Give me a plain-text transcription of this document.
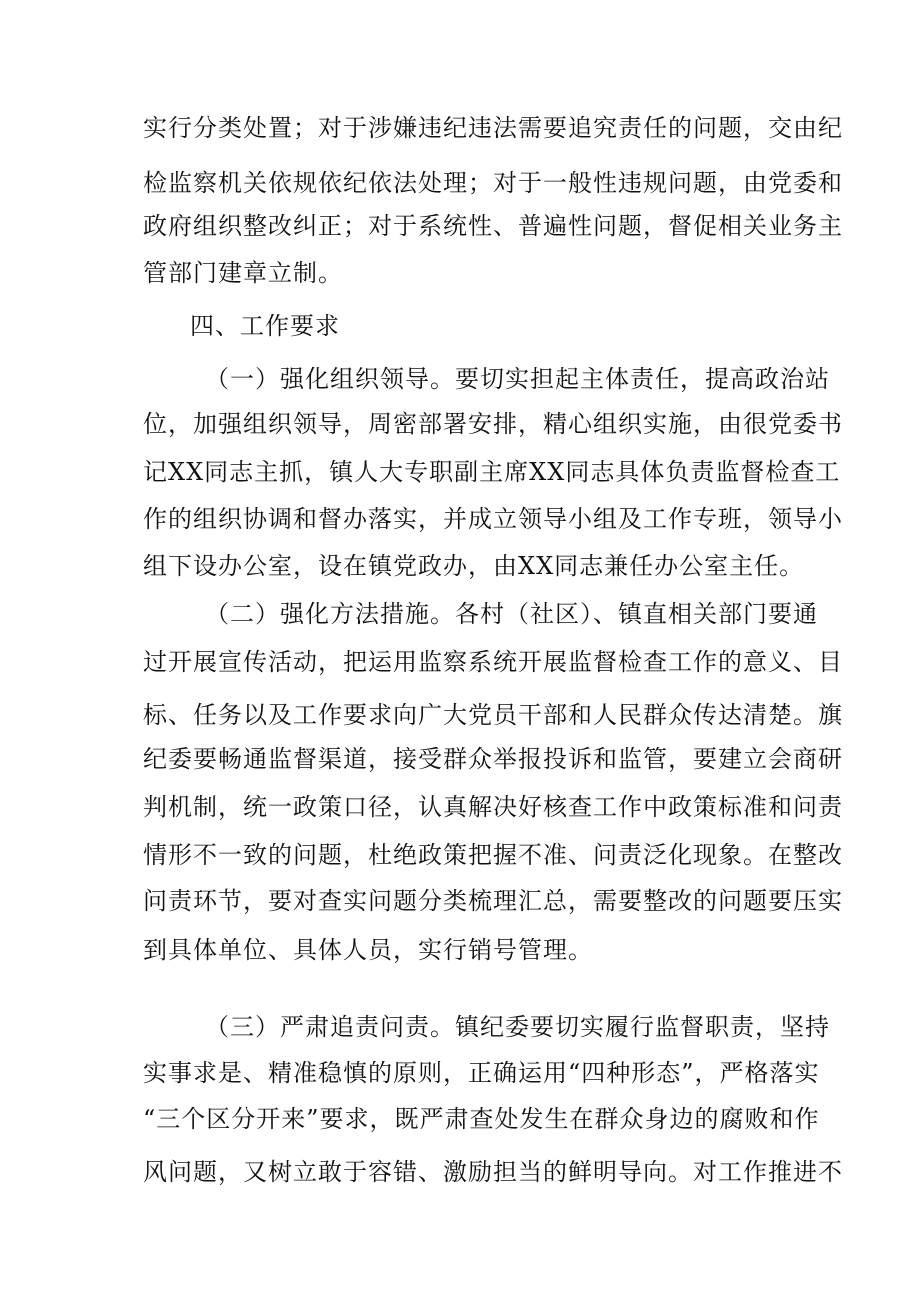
实行分类处置；对于涉嫌违纪违法需要追究责任的问题，交由纪
检监察机关依规依纪依法处理；对于一般性违规问题，由党委和
政府组织整改纠正；对于系统性、普遍性问题，督促相关业务主
管部门建章立制。
四、工作要求
（一）强化组织领导。要切实担起主体责任，提高政治站
位，加强组织领导，周密部署安排，精心组织实施，由很党委书
记XX同志主抓，镇人大专职副主席XX同志具体负责监督检查工
作的组织协调和督办落实，并成立领导小组及工作专班，领导小
组下设办公室，设在镇党政办，由XX同志兼任办公室主任。
（二）强化方法措施。各村（社区）、镇直相关部门要通
过开展宣传活动，把运用监察系统开展监督检查工作的意义、目
标、任务以及工作要求向广大党员干部和人民群众传达清楚。旗
纪委要畅通监督渠道，接受群众举报投诉和监管，要建立会商研
判机制，统一政策口径，认真解决好核查工作中政策标准和问责
情形不一致的问题，杜绝政策把握不准、问责泛化现象。在整改
问责环节，要对查实问题分类梳理汇总，需要整改的问题要压实
到具体单位、具体人员，实行销号管理。
（三）严肃追责问责。镇纪委要切实履行监督职责，坚持
实事求是、精准稳慎的原则，正确运用“四种形态”，严格落实
“三个区分开来”要求，既严肃查处发生在群众身边的腐败和作
风问题，又树立敢于容错、激励担当的鲜明导向。对工作推进不
